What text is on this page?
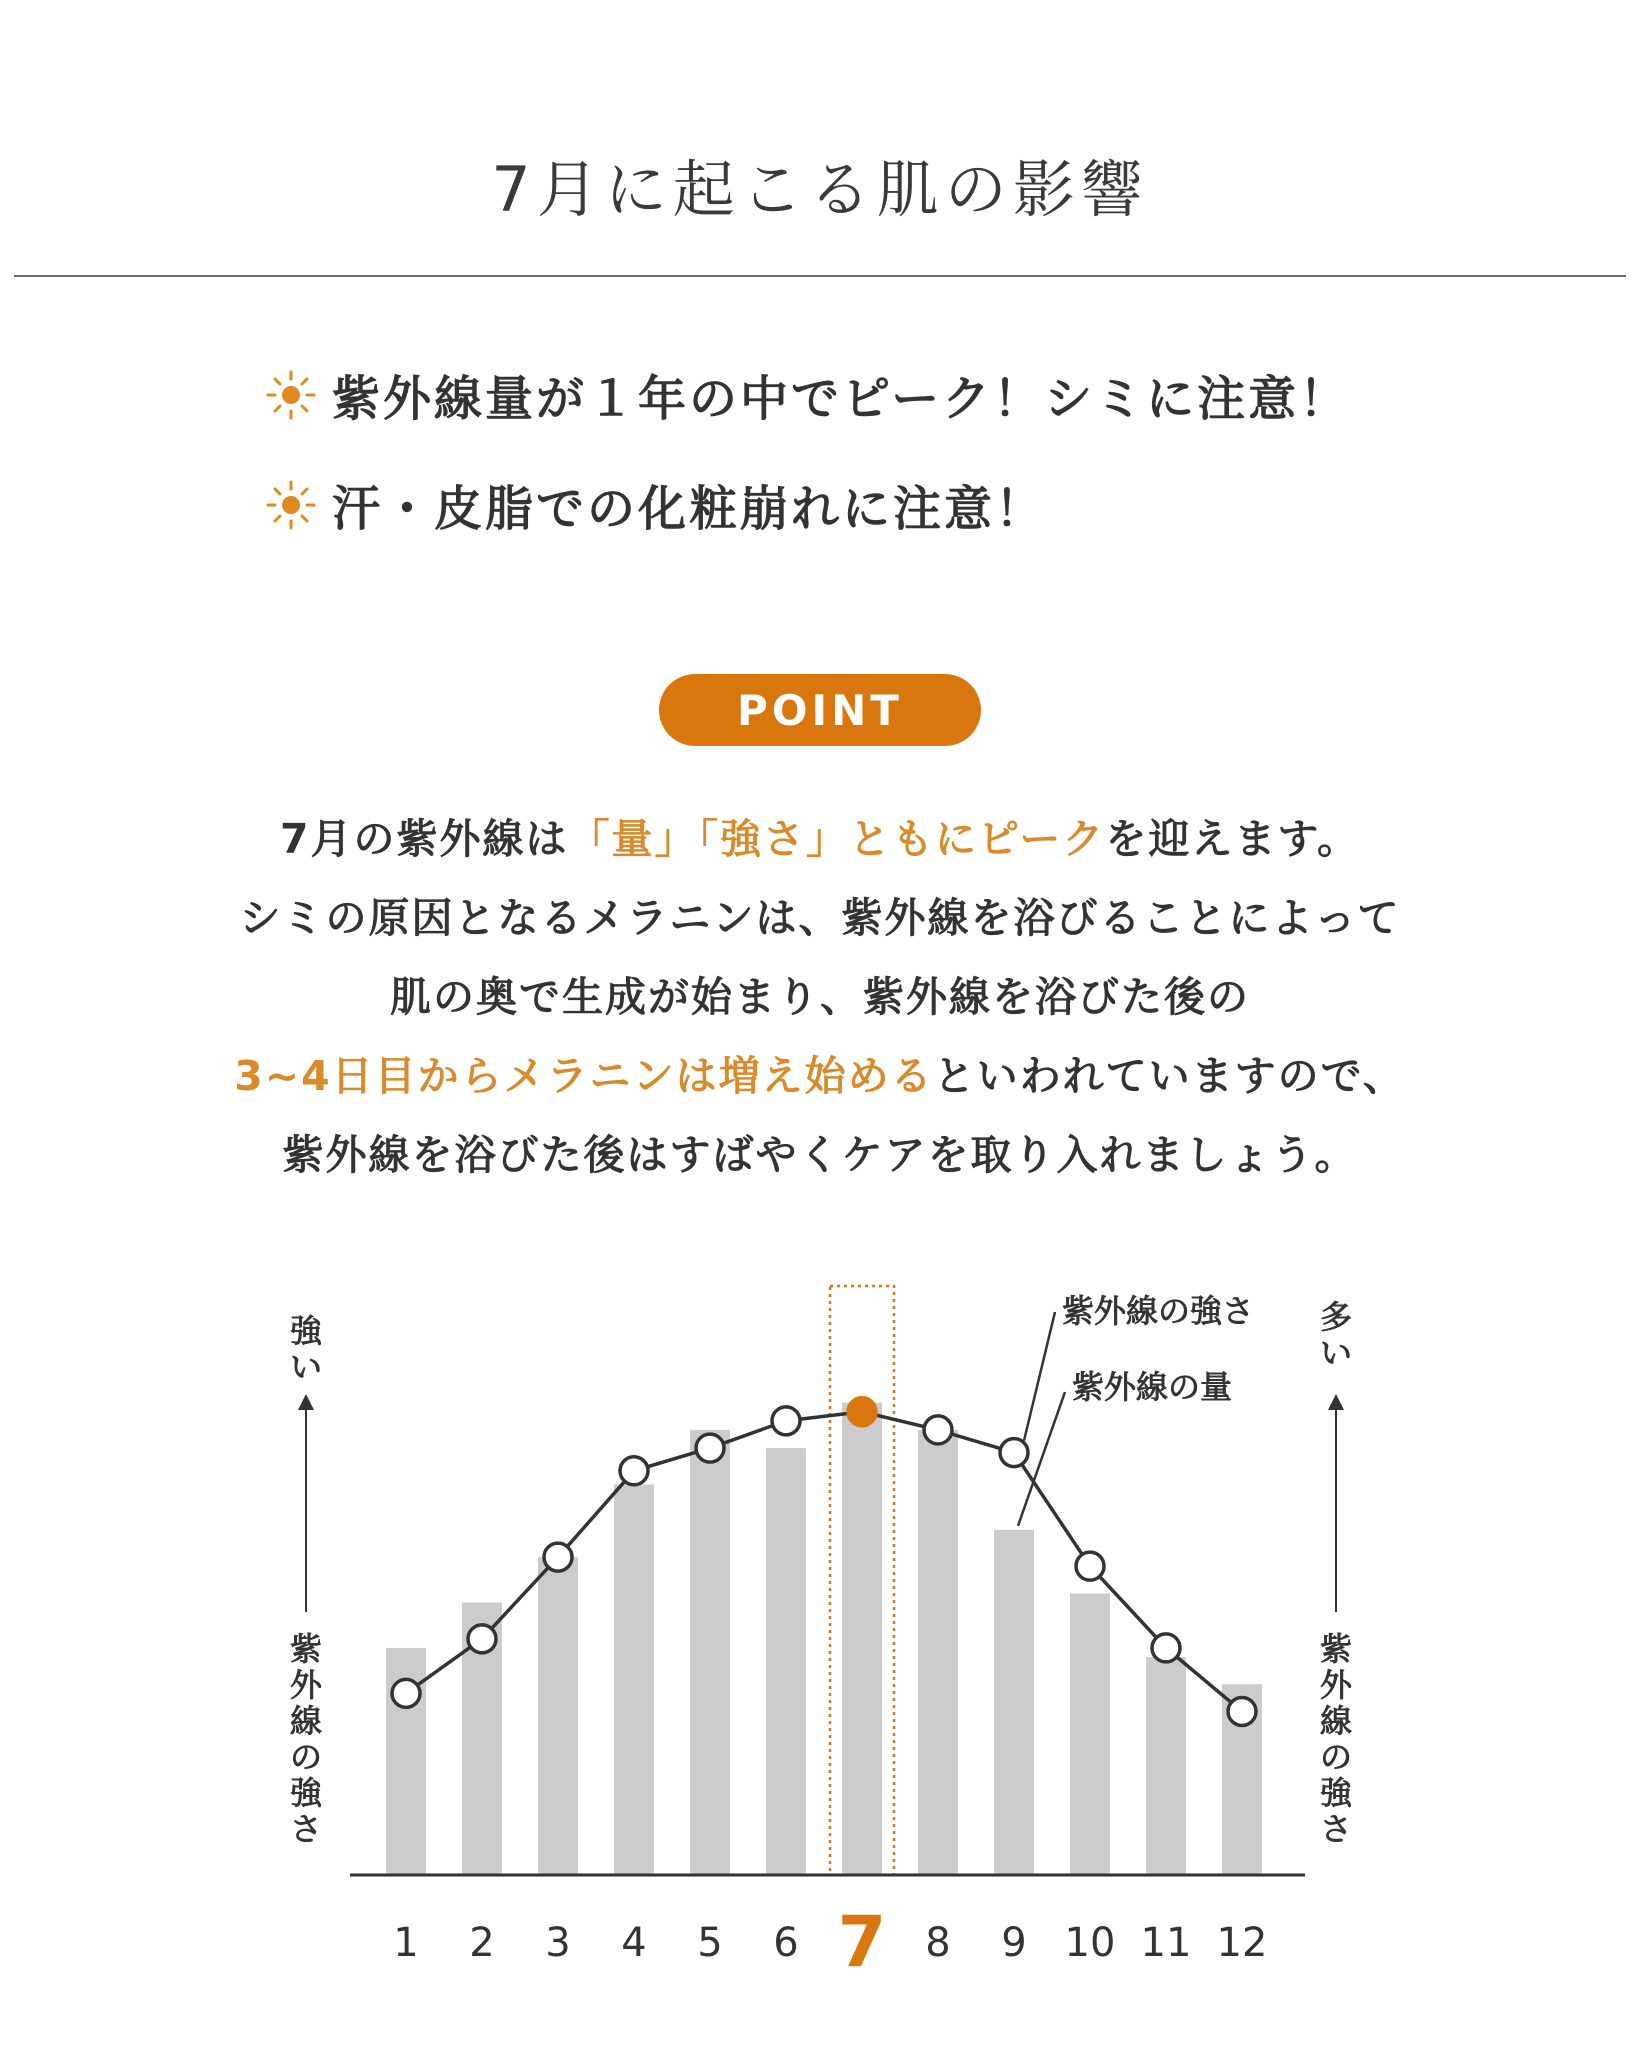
7月に起こる肌の影響
紫外線量が１年の中でピーク！シミに注意！
汗・皮脂での化粧崩れに注意！
POINT
7月の紫外線は「量」「強さ」ともにピークを迎えます。
シミの原因となるメラニンは、紫外線を浴びることによって
肌の奥で生成が始まり、紫外線を浴びた後の
3~4日目からメラニンは増え始めるといわれていますので、
紫外線を浴びた後はすばやくケアを取り入れましょう。
1 2 3 4 5 6 7 8 9 10 11 12
紫外線の強さ
紫外線の量
強い
紫外線の強さ
多い
紫外線の強さ
